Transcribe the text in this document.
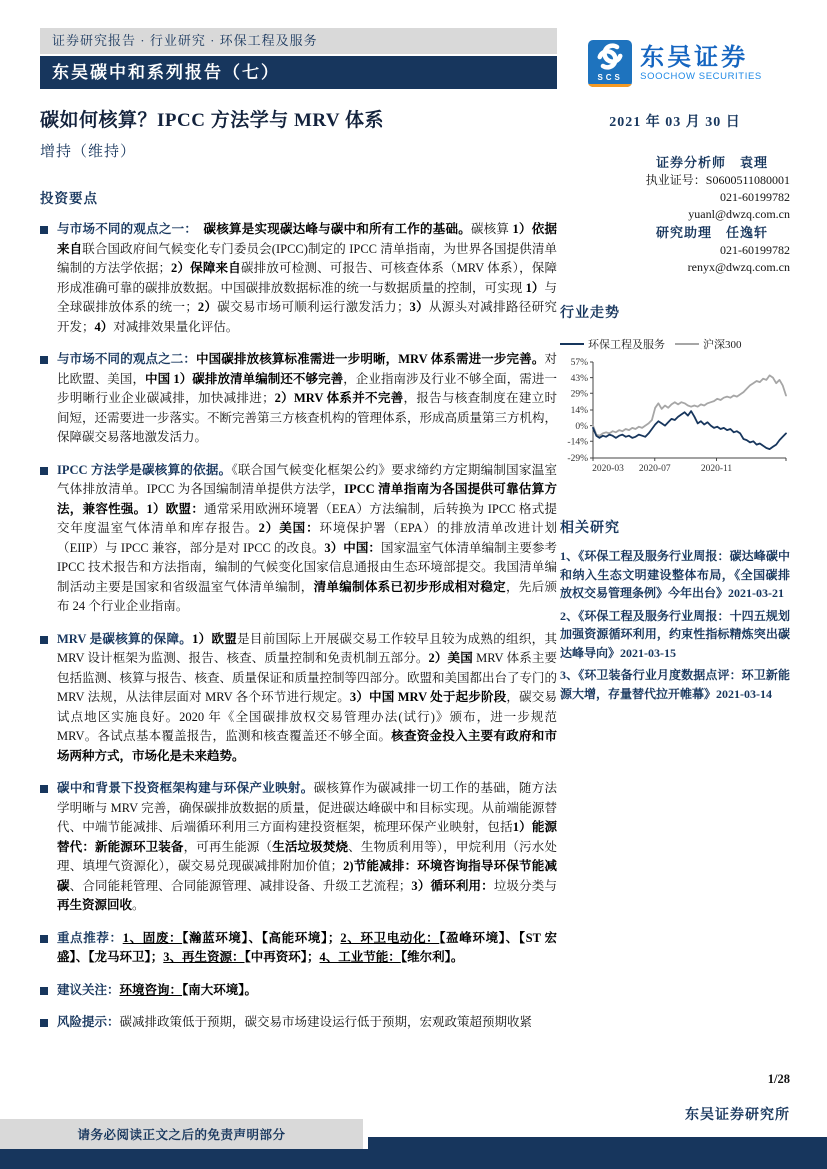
证券研究报告 · 行业研究 · 环保工程及服务
东吴碳中和系列报告（七）
碳如何核算？IPCC 方法学与 MRV 体系
增持（维持）
投资要点

与市场不同的观点之一：　碳核算是实现碳达峰与碳中和所有工作的基础。碳核算 1）依据来自联合国政府间气候变化专门委员会(IPCC)制定的 IPCC 清单指南，为世界各国提供清单编制的方法学依据；2）保障来自碳排放可检测、可报告、可核查体系（MRV 体系），保障形成准确可靠的碳排放数据。中国碳排放数据标准的统一与数据质量的控制，可实现 1）与全球碳排放体系的统一；2）碳交易市场可顺利运行激发活力；3）从源头对减排路径研究开发；4）对减排效果量化评估。

与市场不同的观点之二：中国碳排放核算标准需进一步明晰，MRV 体系需进一步完善。对比欧盟、美国，中国 1）碳排放清单编制还不够完善，企业指南涉及行业不够全面，需进一步明晰行业企业碳减排，加快减排进；2）MRV 体系并不完善，报告与核查制度在建立时间短，还需要进一步落实。不断完善第三方核查机构的管理体系，形成高质量第三方机构，保障碳交易落地激发活力。

IPCC 方法学是碳核算的依据。《联合国气候变化框架公约》要求缔约方定期编制国家温室气体排放清单。IPCC 为各国编制清单提供方法学，IPCC 清单指南为各国提供可靠估算方法，兼容性强。1）欧盟：通常采用欧洲环境署（EEA）方法编制，后转换为 IPCC 格式提交年度温室气体清单和库存报告。2）美国：环境保护署（EPA）的排放清单改进计划（EIIP）与 IPCC 兼容，部分是对 IPCC 的改良。3）中国：国家温室气体清单编制主要参考 IPCC 技术报告和方法指南，编制的气候变化国家信息通报由生态环境部提交。我国清单编制活动主要是国家和省级温室气体清单编制，清单编制体系已初步形成相对稳定，先后颁布 24 个行业企业指南。

MRV 是碳核算的保障。1）欧盟是目前国际上开展碳交易工作较早且较为成熟的组织，其 MRV 设计框架为监测、报告、核查、质量控制和免责机制五部分。2）美国 MRV 体系主要包括监测、核算与报告、核查、质量保证和质量控制等四部分。欧盟和美国都出台了专门的 MRV 法规，从法律层面对 MRV 各个环节进行规定。3）中国 MRV 处于起步阶段，碳交易试点地区实施良好。2020 年《全国碳排放权交易管理办法(试行)》颁布，进一步规范 MRV。各试点基本覆盖报告，监测和核查覆盖还不够全面。核查资金投入主要有政府和市场两种方式，市场化是未来趋势。

碳中和背景下投资框架构建与环保产业映射。碳核算作为碳减排一切工作的基础，随方法学明晰与 MRV 完善，确保碳排放数据的质量，促进碳达峰碳中和目标实现。从前端能源替代、中端节能减排、后端循环利用三方面构建投资框架，梳理环保产业映射，包括1）能源替代：新能源环卫装备，可再生能源（生活垃圾焚烧、生物质利用等），甲烷利用（污水处理、填埋气资源化），碳交易兑现碳减排附加价值；2)节能减排：环境咨询指导环保节能减碳、合同能耗管理、合同能源管理、减排设备、升级工艺流程；3）循环利用：垃圾分类与再生资源回收。

重点推荐：1、固废：【瀚蓝环境】、【高能环境】；2、环卫电动化：【盈峰环境】、【ST 宏盛】、【龙马环卫】；3、再生资源：【中再资环】；4、工业节能：【维尔利】。

建议关注：环境咨询：【南大环境】。

风险提示：碳减排政策低于预期，碳交易市场建设运行低于预期，宏观政策超预期收紧

SCS
东吴证券
SOOCHOW SECURITIES
2021 年 03 月 30 日
证券分析师　袁理
执业证号：S0600511080001
021-60199782
yuanl@dwzq.com.cn
研究助理　任逸轩
021-60199782
renyx@dwzq.com.cn
行业走势
环保工程及服务	沪深300
57%
43%
29%
14%
0%
-14%
-29%
2020-03 2020-07	2020-11
相关研究
1、《环保工程及服务行业周报：碳达峰碳中和纳入生态文明建设整体布局，《全国碳排放权交易管理条例》今年出台》2021-03-21
2、《环保工程及服务行业周报：十四五规划加强资源循环利用，约束性指标精炼突出碳达峰导向》2021-03-15
3、《环卫装备行业月度数据点评：环卫新能源大增，存量替代拉开帷幕》2021-03-14
1/28
东吴证券研究所
请务必阅读正文之后的免责声明部分
